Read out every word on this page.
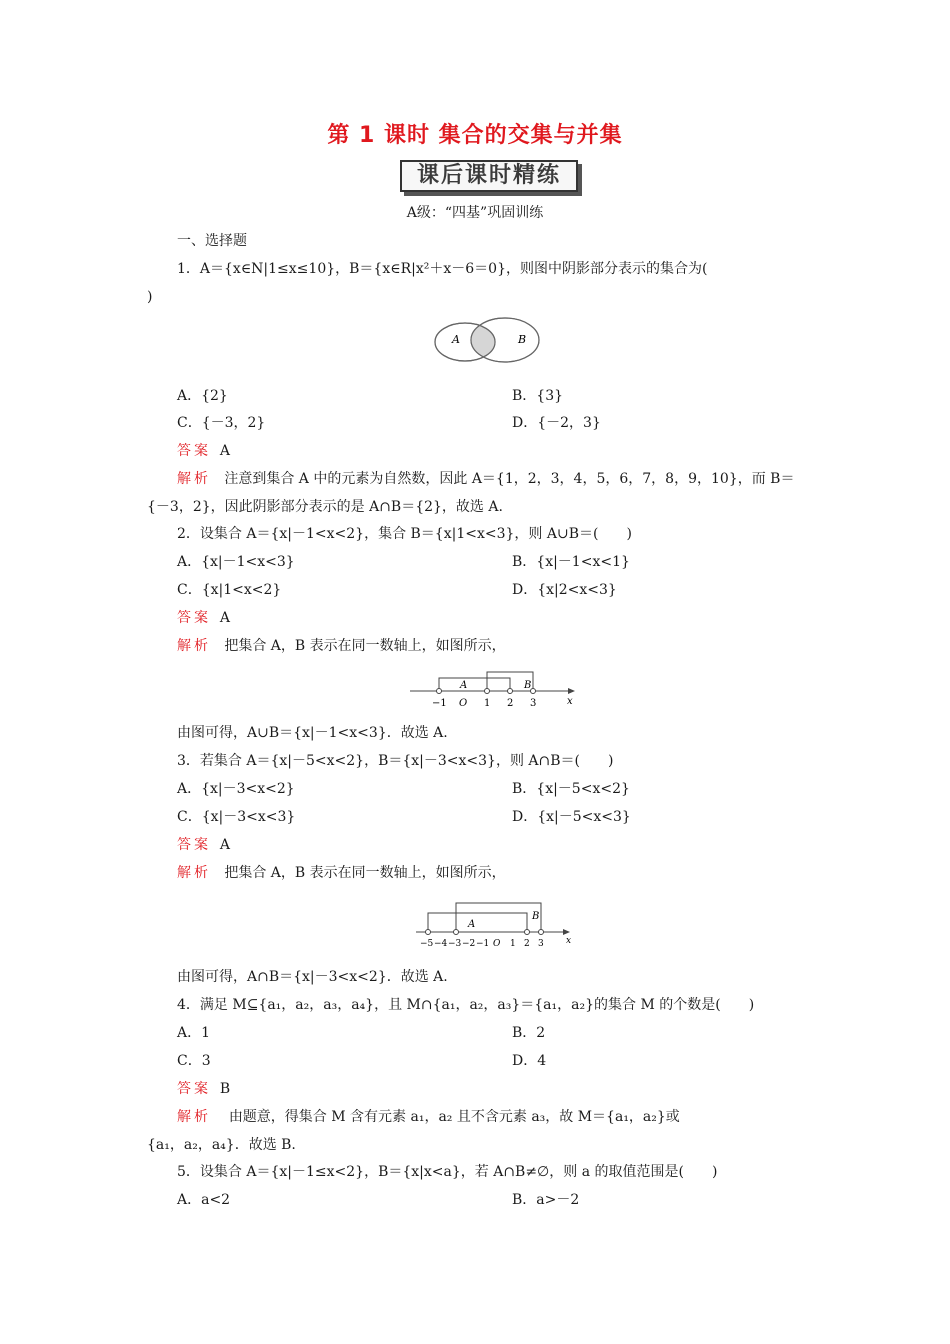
第 1 课时 集合的交集与并集
课后课时精练
A级：“四基”巩固训练
一、选择题
1．A＝{x∈N|1≤x≤10}，B＝{x∈R|x²＋x－6＝0}，则图中阴影部分表示的集合为(
)
A	B
A．{2}	B．{3}
C．{－3，2}	D．{－2，3}
答案 A
解析 注意到集合 A 中的元素为自然数，因此 A＝{1，2，3，4，5，6，7，8，9，10}，而 B＝
{－3，2}，因此阴影部分表示的是 A∩B＝{2}，故选 A.
2．设集合 A＝{x|－1<x<2}，集合 B＝{x|1<x<3}，则 A∪B＝(　　)
A．{x|－1<x<3}	B．{x|－1<x<1}
C．{x|1<x<2}	D．{x|2<x<3}
答案 A
解析 把集合 A，B 表示在同一数轴上，如图所示，
A	B
−1 O 1 2 3	x
由图可得，A∪B＝{x|－1<x<3}．故选 A.
3．若集合 A＝{x|－5<x<2}，B＝{x|－3<x<3}，则 A∩B＝(　　)
A．{x|－3<x<2}	B．{x|－5<x<2}
C．{x|－3<x<3}	D．{x|－5<x<3}
答案 A
解析 把集合 A，B 表示在同一数轴上，如图所示，
A
B
−5 −4 −3 −2 −1 O 1 2 3 x
由图可得，A∩B＝{x|－3<x<2}．故选 A.
4．满足 M⊆{a₁，a₂，a₃，a₄}，且 M∩{a₁，a₂，a₃}＝{a₁，a₂}的集合 M 的个数是(　　)
A．1	B．2
C．3	D．4
答案 B
解析 由题意，得集合 M 含有元素 a₁，a₂ 且不含元素 a₃，故 M＝{a₁，a₂}或
{a₁，a₂，a₄}．故选 B.
5．设集合 A＝{x|－1≤x<2}，B＝{x|x<a}，若 A∩B≠∅，则 a 的取值范围是(　　)
A．a<2	B．a>－2
